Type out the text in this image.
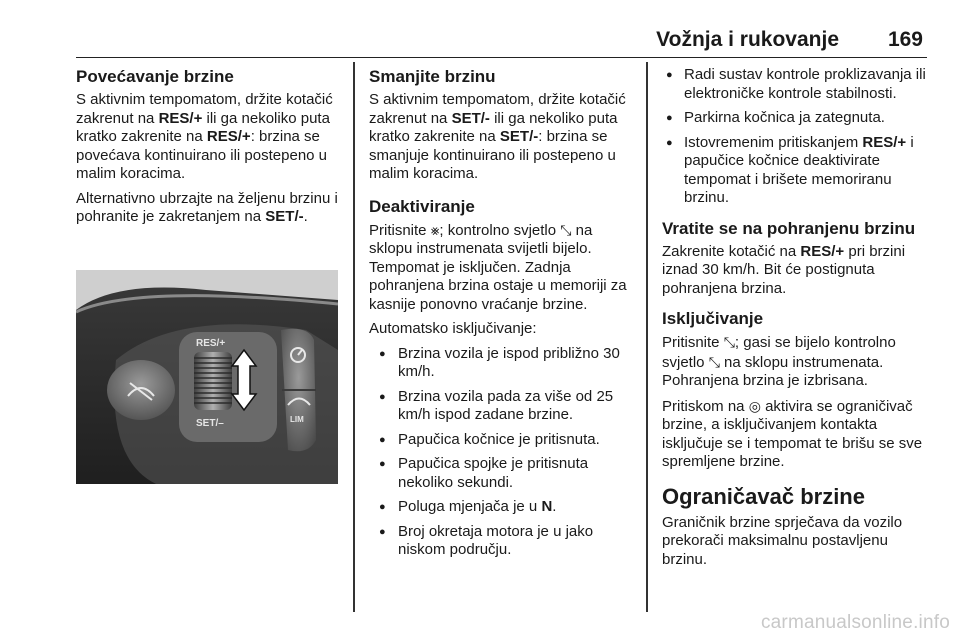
Vožnja i rukovanje 169
Povećavanje brzine

S aktivnim tempomatom, držite kotačić zakrenut na RES/+ ili ga nekoliko puta kratko zakrenite na RES/+: brzina se povećava kontinuirano ili postepeno u malim koracima.

Alternativno ubrzajte na željenu brzinu i pohranite je zakretanjem na SET/-.

RES/+
SET/–	LIM
Smanjite brzinu

S aktivnim tempomatom, držite kotačić zakrenut na SET/- ili ga nekoliko puta kratko zakrenite na SET/-: brzina se smanjuje kontinuirano ili postepeno u malim koracima.

Deaktiviranje

Pritisnite ⨳; kontrolno svjetlo ⤡ na sklopu instrumenata svijetli bijelo. Tempomat je isključen. Zadnja pohranjena brzina ostaje u memoriji za kasnije ponovno vraćanje brzine.

Automatsko isključivanje:

● Brzina vozila je ispod približno 30 km/h.
● Brzina vozila pada za više od 25 km/h ispod zadane brzine.
● Papučica kočnice je pritisnuta.
● Papučica spojke je pritisnuta nekoliko sekundi.
● Poluga mjenjača je u N.
● Broj okretaja motora je u jako niskom području.
● Radi sustav kontrole proklizavanja ili elektroničke kontrole stabilnosti.
● Parkirna kočnica ja zategnuta.
● Istovremenim pritiskanjem RES/+ i papučice kočnice deaktivirate tempomat i brišete memoriranu brzinu.
Vratite se na pohranjenu brzinu

Zakrenite kotačić na RES/+ pri brzini iznad 30 km/h. Bit će postignuta pohranjena brzina.

Isključivanje

Pritisnite ⤡; gasi se bijelo kontrolno svjetlo ⤡ na sklopu instrumenata. Pohranjena brzina je izbrisana.

Pritiskom na ◎ aktivira se ograničivač brzine, a isključivanjem kontakta isključuje se i tempomat te brišu se sve spremljene brzine.

Ograničavač brzine

Graničnik brzine sprječava da vozilo prekorači maksimalnu postavljenu brzinu.

carmanualsonline.info
